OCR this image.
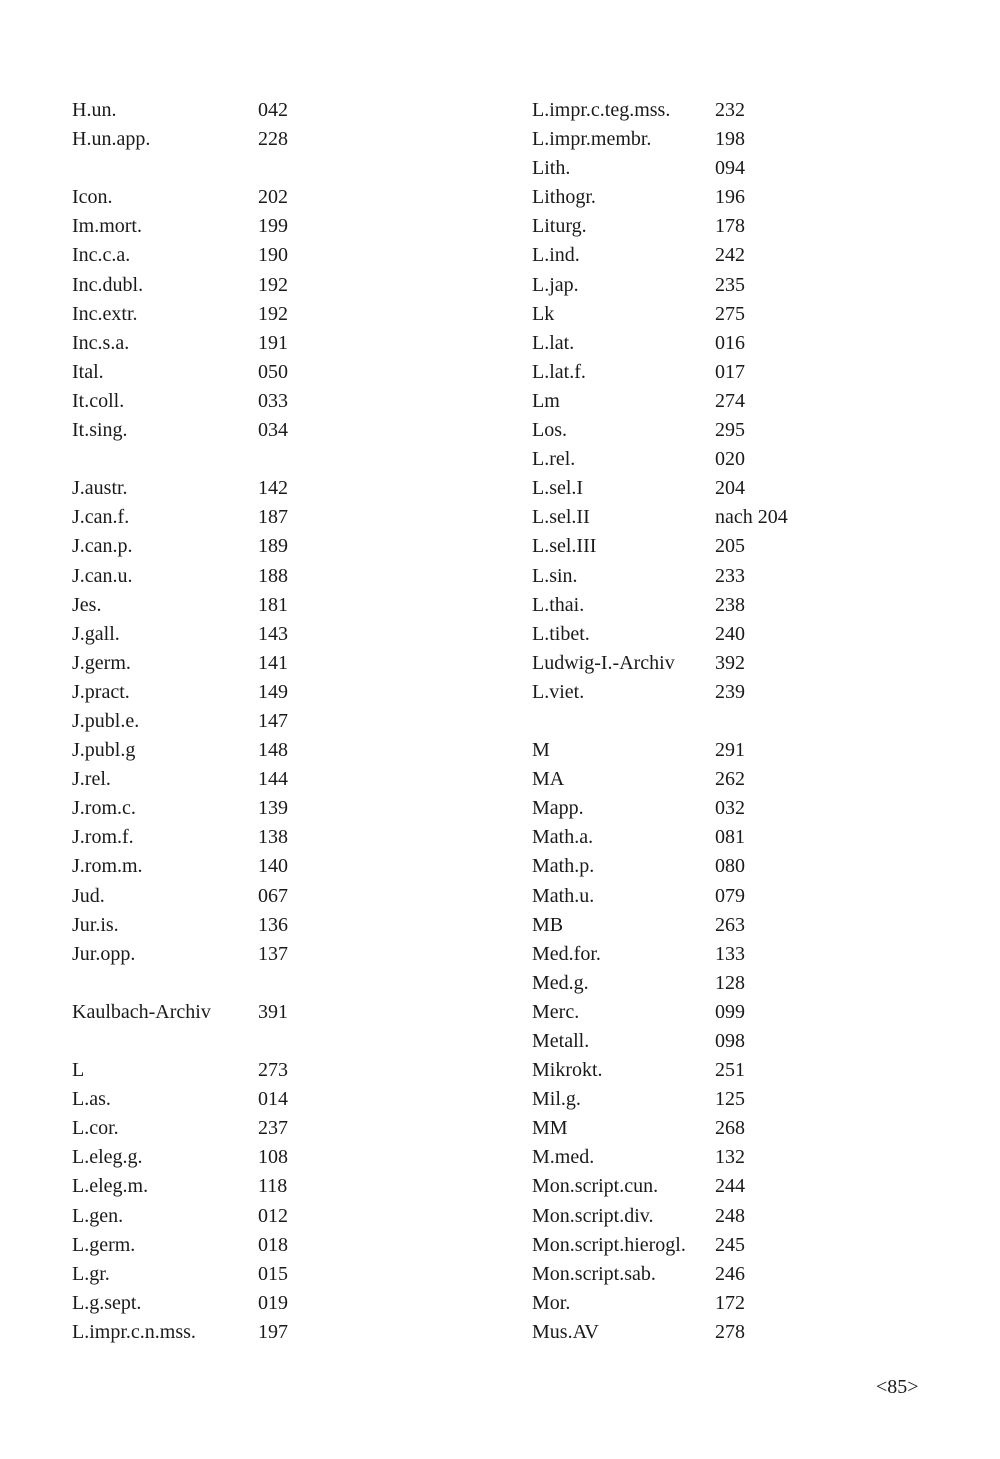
H.un.	042
H.un.app.	228
Icon.	202
Im.mort.	199
Inc.c.a.	190
Inc.dubl.	192
Inc.extr.	192
Inc.s.a.	191
Ital.	050
It.coll.	033
It.sing.	034
J.austr.	142
J.can.f.	187
J.can.p.	189
J.can.u.	188
Jes.	181
J.gall.	143
J.germ.	141
J.pract.	149
J.publ.e.	147
J.publ.g	148
J.rel.	144
J.rom.c.	139
J.rom.f.	138
J.rom.m.	140
Jud.	067
Jur.is.	136
Jur.opp.	137
Kaulbach-Archiv 391
L	273
L.as.	014
L.cor.	237
L.eleg.g.	108
L.eleg.m.	118
L.gen.	012
L.germ.	018
L.gr.	015
L.g.sept.	019
L.impr.c.n.mss.	197
L.impr.c.teg.mss. 232
L.impr.membr.	198
Lith.	094
Lithogr.	196
Liturg.	178
L.ind.	242
L.jap.	235
Lk	275
L.lat.	016
L.lat.f.	017
Lm	274
Los.	295
L.rel.	020
L.sel.I	204
L.sel.II	nach 204
L.sel.III	205
L.sin.	233
L.thai.	238
L.tibet.	240
Ludwig-I.-Archiv 392
L.viet.	239
M	291
MA	262
Mapp.	032
Math.a.	081
Math.p.	080
Math.u.	079
MB	263
Med.for.	133
Med.g.	128
Merc.	099
Metall.	098
Mikrokt.	251
Mil.g.	125
MM	268
M.med.	132
Mon.script.cun.	244
Mon.script.div.	248
Mon.script.hierogl. 245
Mon.script.sab.	246
Mor.	172
Mus.AV	278
<85>
